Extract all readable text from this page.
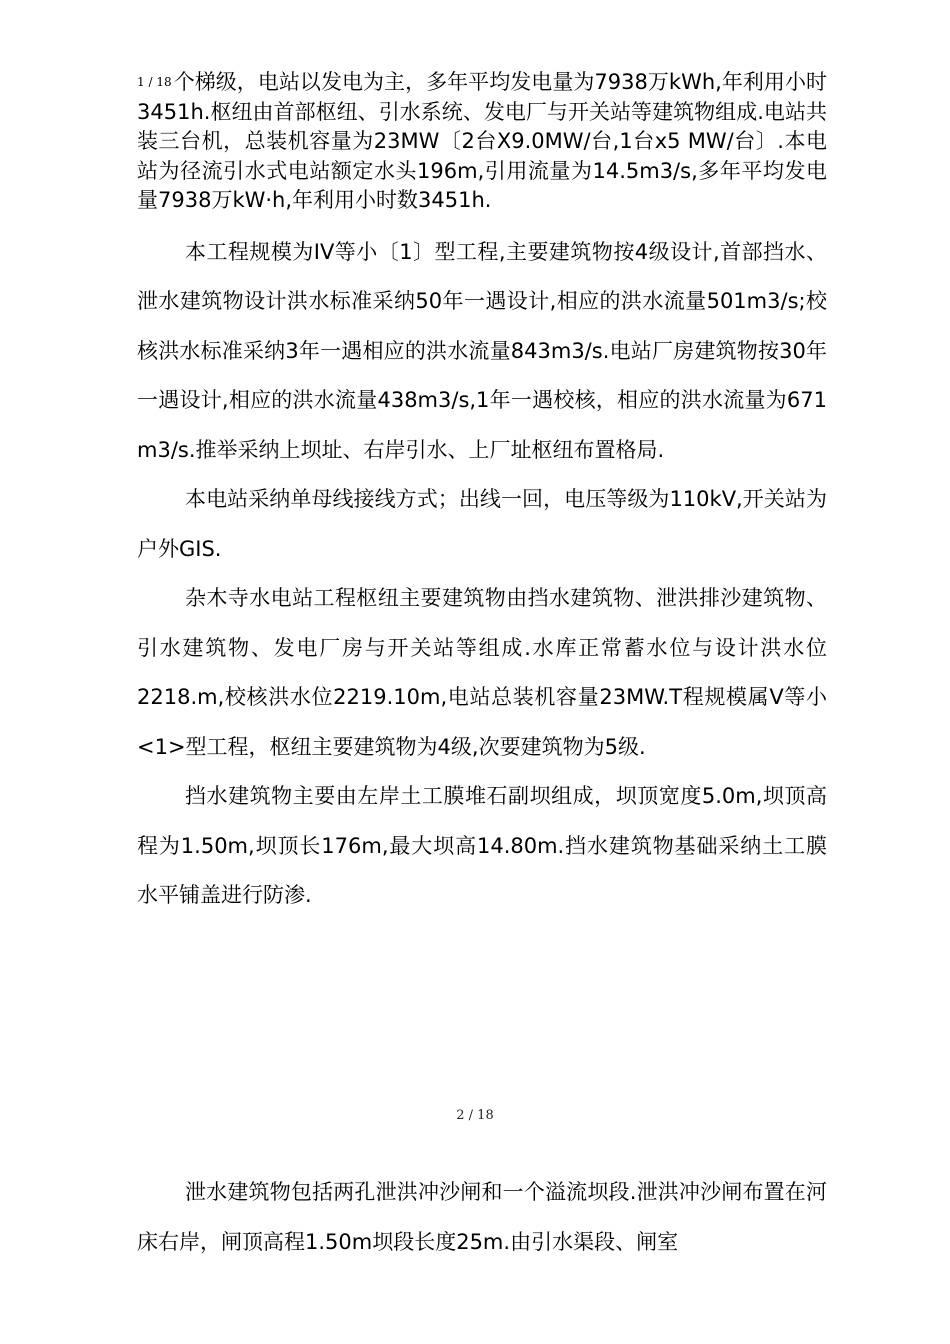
1 / 18个梯级，电站以发电为主，多年平均发电量为7938万kWh,年利用小时3451h.枢纽由首部枢纽、引水系统、发电厂与开关站等建筑物组成.电站共装三台机，总装机容量为23MW〔2台X9.0MW/台,1台x5 MW/台〕.本电站为径流引水式电站额定水头196m,引用流量为14.5m3/s,多年平均发电量7938万kW·h,年利用小时数3451h.

本工程规模为IV等小〔1〕型工程,主要建筑物按4级设计,首部挡水、泄水建筑物设计洪水标准采纳50年一遇设计,相应的洪水流量501m3/s;校核洪水标准采纳3年一遇相应的洪水流量843m3/s.电站厂房建筑物按30年一遇设计,相应的洪水流量438m3/s,1年一遇校核，相应的洪水流量为671 m3/s.推举采纳上坝址、右岸引水、上厂址枢纽布置格局.

本电站采纳单母线接线方式；出线一回，电压等级为110kV,开关站为户外GIS.

杂木寺水电站工程枢纽主要建筑物由挡水建筑物、泄洪排沙建筑物、引水建筑物、发电厂房与开关站等组成.水库正常蓄水位与设计洪水位2218.m,校核洪水位2219.10m,电站总装机容量23MW.T程规模属V等小<1>型工程，枢纽主要建筑物为4级,次要建筑物为5级.

挡水建筑物主要由左岸土工膜堆石副坝组成，坝顶宽度5.0m,坝顶高程为1.50m,坝顶长176m,最大坝高14.80m.挡水建筑物基础采纳土工膜水平铺盖进行防渗.

2 / 18

泄水建筑物包括两孔泄洪冲沙闸和一个溢流坝段.泄洪冲沙闸布置在河床右岸，闸顶高程1.50m坝段长度25m.由引水渠段、闸室
